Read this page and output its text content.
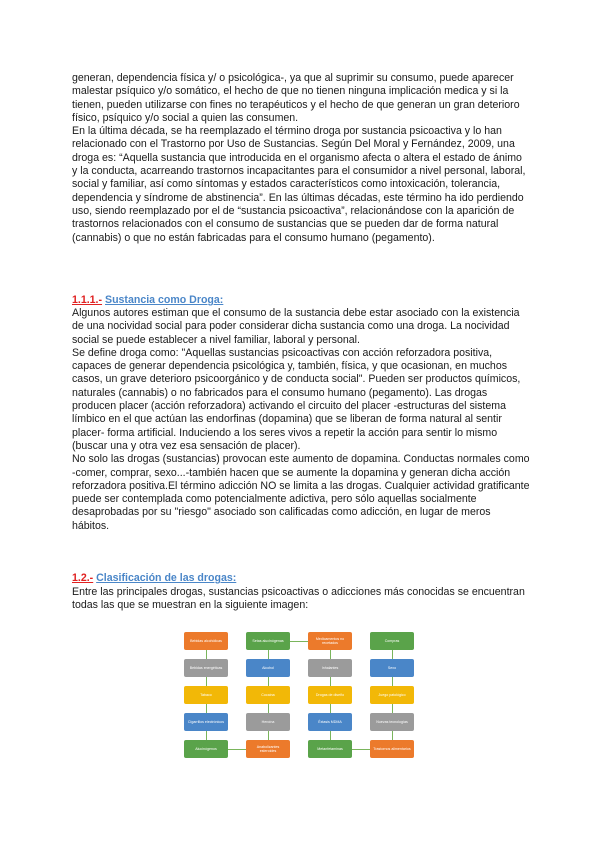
generan, dependencia física y/ o psicológica-, ya que al suprimir su consumo, puede aparecer malestar psíquico y/o somático, el hecho de que no tienen ninguna implicación medica y si la tienen, pueden utilizarse con fines no terapéuticos y el hecho de que generan un gran deterioro físico, psíquico y/o social a quien las consumen.

En la última década, se ha reemplazado el término droga por sustancia psicoactiva y lo han relacionado con el Trastorno por Uso de Sustancias. Según Del Moral y Fernández, 2009, una droga es: “Aquella sustancia que introducida en el organismo afecta o altera el estado de ánimo y la conducta, acarreando trastornos incapacitantes para el consumidor a nivel personal, laboral, social y familiar, así como síntomas y estados característicos como intoxicación, tolerancia, dependencia y síndrome de abstinencia”. En las últimas décadas, este término ha ido perdiendo uso, siendo reemplazado por el de “sustancia psicoactiva”, relacionándose con la aparición de trastornos relacionados con el consumo de sustancias que se pueden dar de forma natural (cannabis) o que no están fabricadas para el consumo humano (pegamento).

1.1.1.- Sustancia como Droga:

Algunos autores estiman que el consumo de la sustancia debe estar asociado con la existencia de una nocividad social para poder considerar dicha sustancia como una droga. La nocividad social se puede establecer a nivel familiar, laboral y personal.

Se define droga como: "Aquellas sustancias psicoactivas con acción reforzadora positiva, capaces de generar dependencia psicológica y, también, física, y que ocasionan, en muchos casos, un grave deterioro psicoorgánico y de conducta social". Pueden ser productos químicos, naturales (cannabis) o no fabricados para el consumo humano (pegamento). Las drogas producen placer (acción reforzadora) activando el circuito del placer -estructuras del sistema límbico en el que actúan las endorfinas (dopamina) que se liberan de forma natural al sentir placer- forma artificial. Induciendo a los seres vivos a repetir la acción para sentir lo mismo (buscar una y otra vez esa sensación de placer).

No solo las drogas (sustancias) provocan este aumento de dopamina. Conductas normales como -comer, comprar, sexo...-también hacen que se aumente la dopamina y generan dicha acción reforzadora positiva.El término adicción NO se limita a las drogas. Cualquier actividad gratificante puede ser contemplada como potencialmente adictiva, pero sólo aquellas socialmente desaprobadas por su "riesgo" asociado son calificadas como adicción, en lugar de meros hábitos.

1.2.- Clasificación de las drogas:

Entre las principales drogas, sustancias psicoactivas o adicciones más conocidas se encuentran todas las que se muestran en la siguiente imagen:

Bebidas alcohólicas
Bebidas energéticas
Tabaco
Cigarrillos electrónicos
Alucinógenos
Setas alucinógenas
Alcohol
Cocaína
Heroína
Anabolizantes esteroides
Medicamentos no recetados
Inhalantes
Drogas de diseño
Éxtasis MDMA
Metanfetaminas
Compras
Sexo
Juego patológico
Nuevas tecnologías
Trastornos alimentarios
